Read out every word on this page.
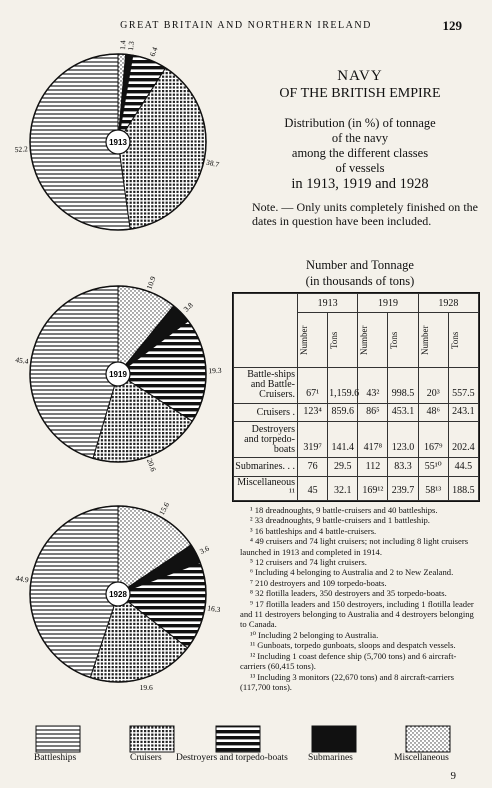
GREAT BRITAIN AND NORTHERN IRELAND	129
1.4
1.3 6.4
38.7
52.2
1913
10.9
3.8
19.3
20.6
45.4
1919
15.6
3.6
16.3
19.6
44.9
1928
NAVY
OF THE BRITISH EMPIRE
Distribution (in %) of tonnage
of the navy
among the different classes
of vessels
in 1913, 1919 and 1928
Note. — Only units completely finished on the dates in question have been included.
Number and Tonnage
(in thousands of tons)
	1913		1919		1928	

	Number	Tons	Number	Tons	Number	Tons

Battle-ships and Battle-Cruisers.	67¹	1,159.6	43²	998.5	20³	557.5
Cruisers .	123⁴	859.6	86⁵	453.1	48⁶	243.1
Destroyers and torpedo-boats	319⁷	141.4	417⁸	123.0	167⁹	202.4
Submarines. . .	76	29.5	112	83.3	55¹⁰	44.5
Miscellaneous ¹¹	45	32.1	169¹²	239.7	58¹³	188.5
¹ 18 dreadnoughts, 9 battle-cruisers and 40 battleships.
² 33 dreadnoughts, 9 battle-cruisers and 1 battleship.
³ 16 battleships and 4 battle-cruisers.
⁴ 49 cruisers and 74 light cruisers; not including 8 light cruisers launched in 1913 and completed in 1914.
⁵ 12 cruisers and 74 light cruisers.
⁶ Including 4 belonging to Australia and 2 to New Zealand.
⁷ 210 destroyers and 109 torpedo-boats.
⁸ 32 flotilla leaders, 350 destroyers and 35 torpedo-boats.
⁹ 17 flotilla leaders and 150 destroyers, including 1 flotilla leader and 11 destroyers belonging to Australia and 4 destroyers belonging to Canada.
¹⁰ Including 2 belonging to Australia.
¹¹ Gunboats, torpedo gunboats, sloops and despatch vessels.
¹² Including 1 coast defence ship (5,700 tons) and 6 aircraft-carriers (60,415 tons).
¹³ Including 3 monitors (22,670 tons) and 8 aircraft-carriers (117,700 tons).
Battleships	Cruisers Destroyers and torpedo-boats Submarines	Miscellaneous
9
